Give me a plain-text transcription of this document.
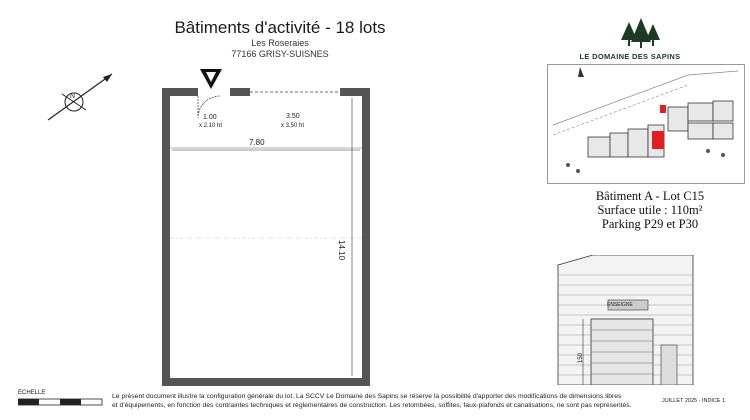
Bâtiments d'activité - 18 lots
Les Roseraies
77166 GRISY-SUISNES	LE DOMAINE DES SAPINS
N
1.00
x 2.10 ht
3.50
x 3.50 ht
7.80
14.10
Bâtiment A - Lot C15
Surface utile : 110m²
Parking P29 et P30
ENSEIGNE
150
ECHELLE	Le présent document illustre la configuration générale du lot. La SCCV Le Domaine des Sapins se réserve la possibilité d'apporter des modifications de dimensions libres
et d'équipements, en fonction des contraintes techniques et réglementaires de construction. Les retombées, soffites, faux-plafonds et canalisations, ne sont pas représentés.
JUILLET 2025 - INDICE 1
